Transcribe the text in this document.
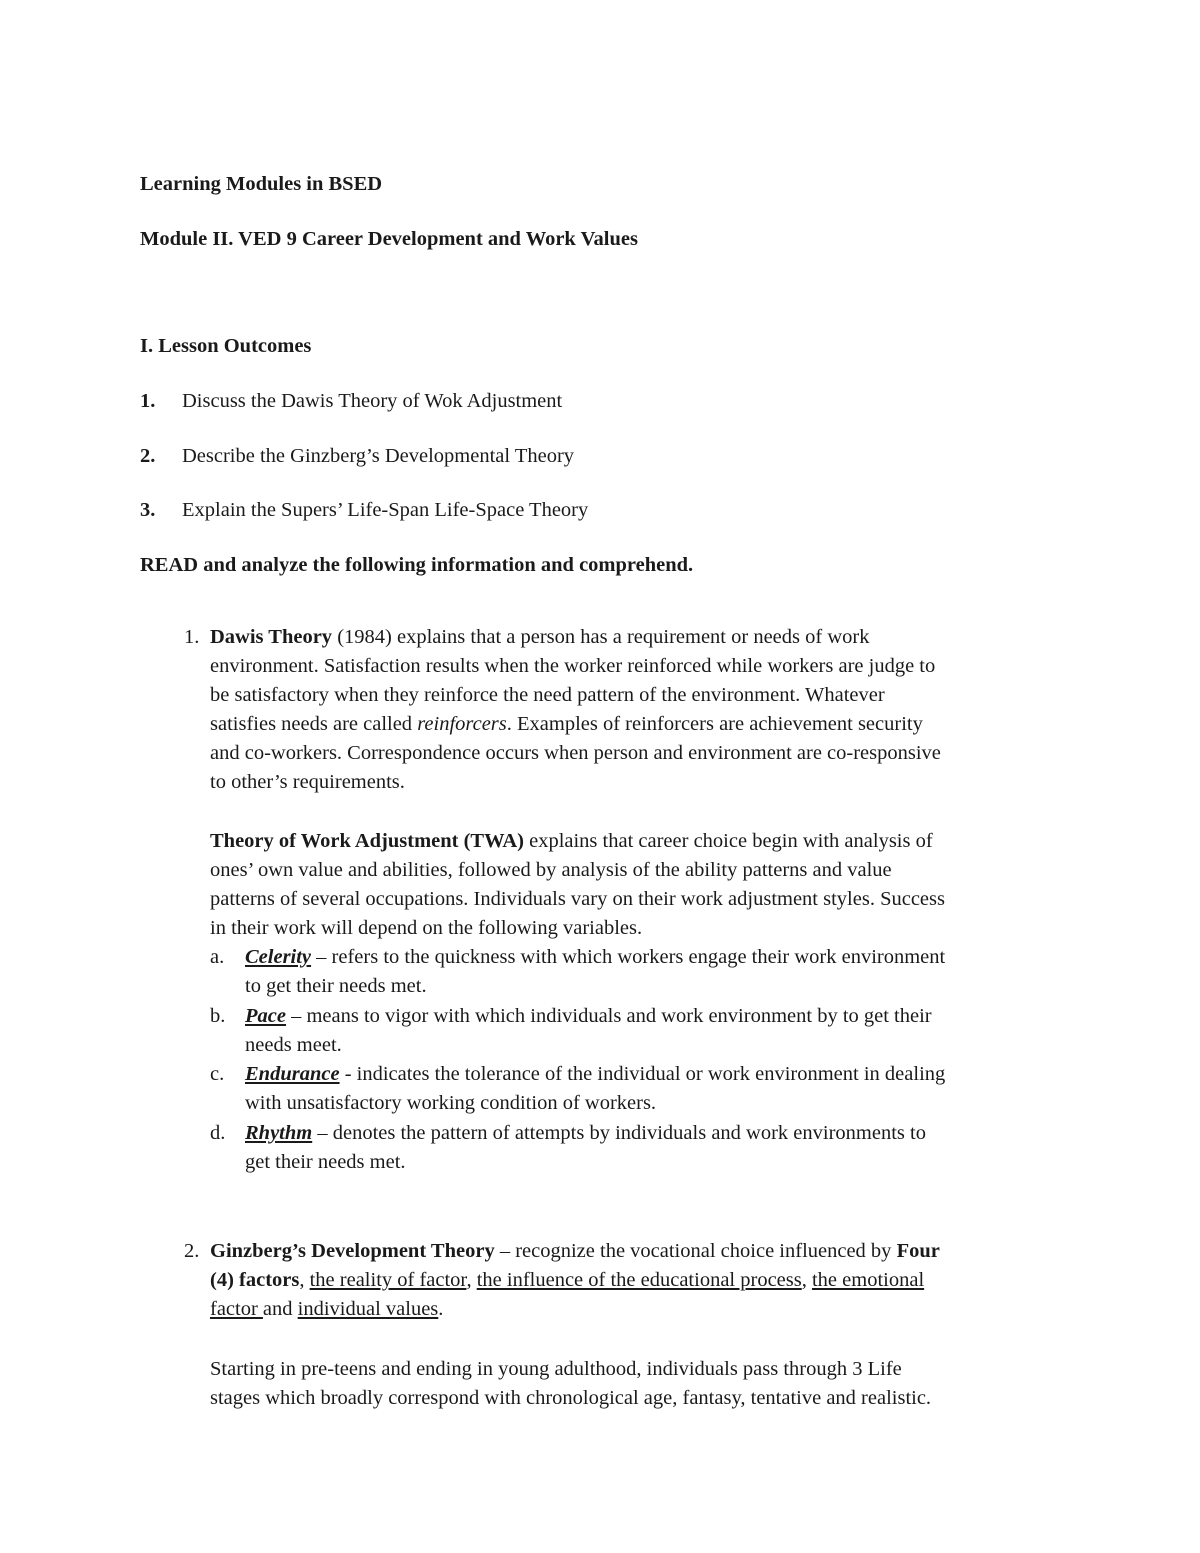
Learning Modules in BSED
Module II. VED 9 Career Development and Work Values
I. Lesson Outcomes
1. Discuss the Dawis Theory of Wok Adjustment
2. Describe the Ginzberg’s Developmental Theory
3. Explain the Supers’ Life-Span Life-Space Theory
READ and analyze the following information and comprehend.
1. Dawis Theory (1984) explains that a person has a requirement or needs of work
environment. Satisfaction results when the worker reinforced while workers are judge to
be satisfactory when they reinforce the need pattern of the environment. Whatever
satisfies needs are called reinforcers. Examples of reinforcers are achievement security
and co-workers. Correspondence occurs when person and environment are co-responsive
to other’s requirements.
Theory of Work Adjustment (TWA) explains that career choice begin with analysis of
ones’ own value and abilities, followed by analysis of the ability patterns and value
patterns of several occupations. Individuals vary on their work adjustment styles. Success
in their work will depend on the following variables.
a. Celerity – refers to the quickness with which workers engage their work environment
to get their needs met.
b. Pace – means to vigor with which individuals and work environment by to get their
needs meet.
c. Endurance - indicates the tolerance of the individual or work environment in dealing
with unsatisfactory working condition of workers.
d. Rhythm – denotes the pattern of attempts by individuals and work environments to
get their needs met.
2. Ginzberg’s Development Theory – recognize the vocational choice influenced by Four
(4) factors, the reality of factor, the influence of the educational process, the emotional
factor and individual values.
Starting in pre-teens and ending in young adulthood, individuals pass through 3 Life
stages which broadly correspond with chronological age, fantasy, tentative and realistic.
